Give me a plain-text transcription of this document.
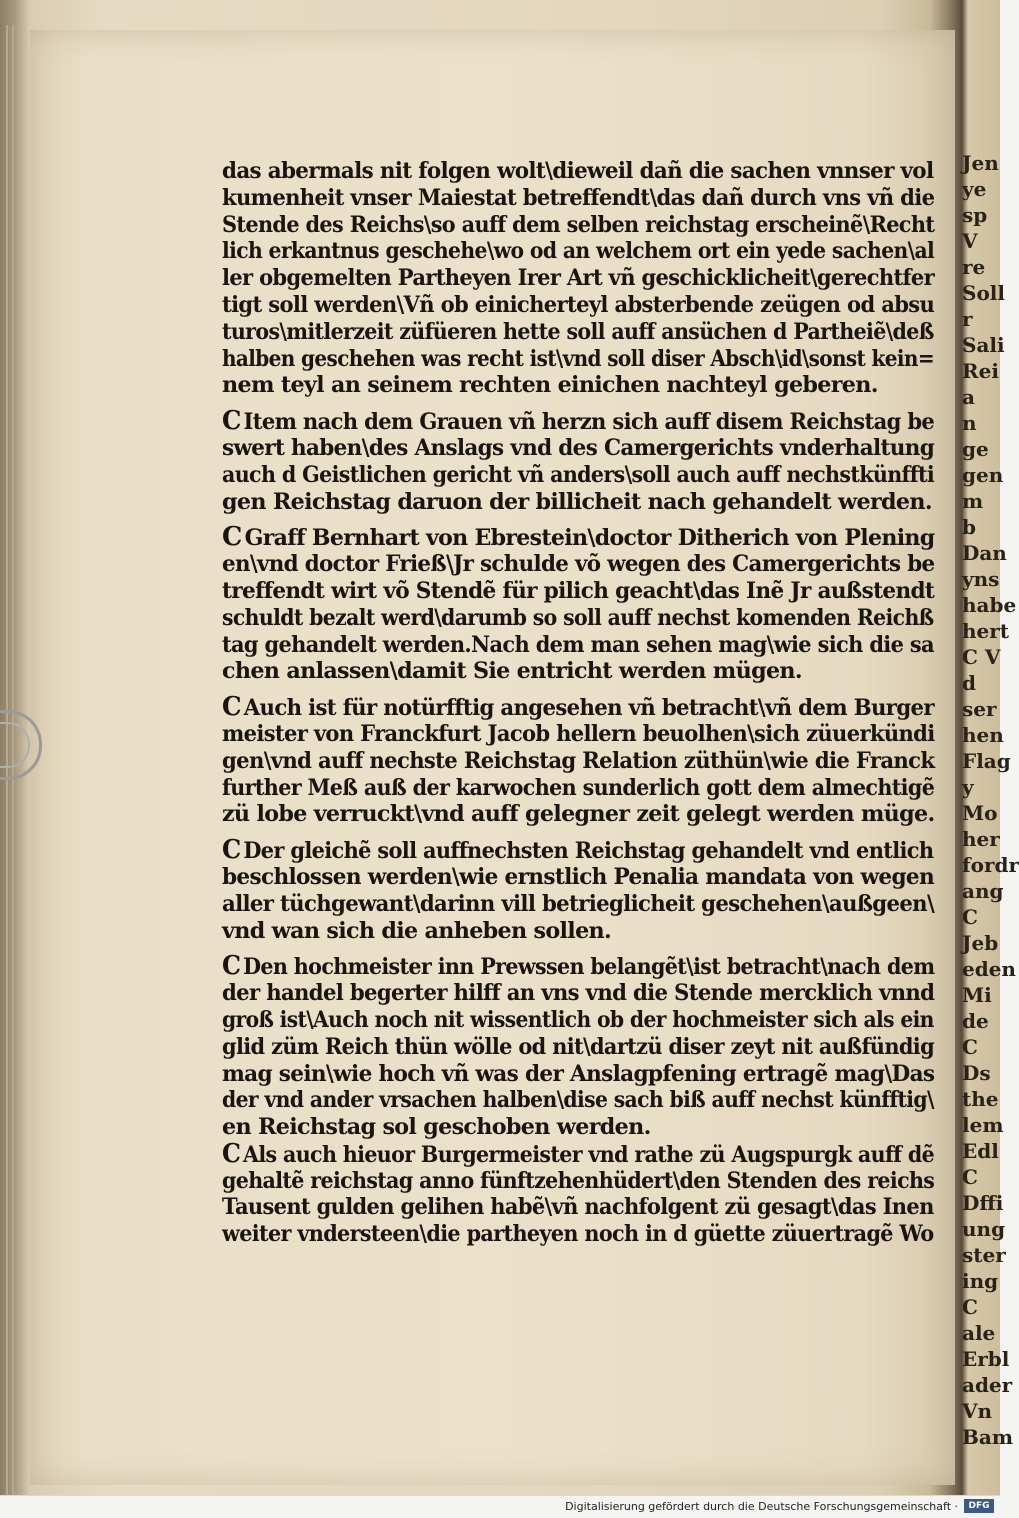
das abermals nit folgen wolt\dieweil dañ die sachen vnnser vol
kumenheit vnser Maiestat betreffendt\das dañ durch vns vñ die
Stende des Reichs\so auff dem selben reichstag erscheinẽ\Recht
lich erkantnus geschehe\wo od an welchem ort ein yede sachen\al
ler obgemelten Partheyen Irer Art vñ geschicklicheit\gerechtfer
tigt soll werden\Vñ ob einicherteyl absterbende zeügen od absu
turos\mitlerzeit züfüeren hette soll auff ansüchen d Partheiẽ\deß
halben geschehen was recht ist\vnd soll diser Absch\id\sonst kein=
nem teyl an seinem rechten einichen nachteyl geberen.
C Item nach dem Grauen vñ herzn sich auff disem Reichstag be
swert haben\des Anslags vnd des Camergerichts vnderhaltung
auch d Geistlichen gericht vñ anders\soll auch auff nechstkünffti
gen Reichstag daruon der billicheit nach gehandelt werden.
C Graff Bernhart von Ebrestein\doctor Ditherich von Plening
en\vnd doctor Frieß\Jr schulde võ wegen des Camergerichts be
treffendt wirt võ Stendẽ für pilich geacht\das Inẽ Jr außstendt
schuldt bezalt werd\darumb so soll auff nechst komenden Reichß
tag gehandelt werden.Nach dem man sehen mag\wie sich die sa
chen anlassen\damit Sie entricht werden mügen.
C Auch ist für notürfftig angesehen vñ betracht\vñ dem Burger
meister von Franckfurt Jacob hellern beuolhen\sich züuerkündi
gen\vnd auff nechste Reichstag Relation züthün\wie die Franck
further Meß auß der karwochen sunderlich gott dem almechtigẽ
zü lobe verruckt\vnd auff gelegner zeit gelegt werden müge.
C Der gleichẽ soll auffnechsten Reichstag gehandelt vnd entlich
beschlossen werden\wie ernstlich Penalia mandata von wegen
aller tüchgewant\darinn vill betrieglicheit geschehen\außgeen\
vnd wan sich die anheben sollen.
C Den hochmeister inn Prewssen belangẽt\ist betracht\nach dem
der handel begerter hilff an vns vnd die Stende mercklich vnnd
groß ist\Auch noch nit wissentlich ob der hochmeister sich als ein
glid züm Reich thün wölle od nit\dartzü diser zeyt nit außfündig
mag sein\wie hoch vñ was der Anslagpfening ertragẽ mag\Das
der vnd ander vrsachen halben\dise sach biß auff nechst künfftig\
en Reichstag sol geschoben werden.
C Als auch hieuor Burgermeister vnd rathe zü Augspurgk auff dẽ
gehaltẽ reichstag anno fünftzehenhüdert\den Stenden des reichs
Tausent gulden gelihen habẽ\vñ nachfolgent zü gesagt\das Inen
weiter vndersteen\die partheyen noch in d güette züuertragẽ Wo
Jen
ye
sp
V
re
Soll
r
Sali
Rei
a
n
ge
gen
m
b
Dan
yns
habe
hert
C V
d
ser
hen
Flag
y
Mo
her
fordr
ang
C
Jeb
eden
Mi
de
C
Ds
the
lem
Edl
C
Dffi
ung
ster
ing
C
ale
Erbl
ader
Vn
Bam
Digitalisierung gefördert durch die Deutsche Forschungsgemeinschaft ·	DFG
